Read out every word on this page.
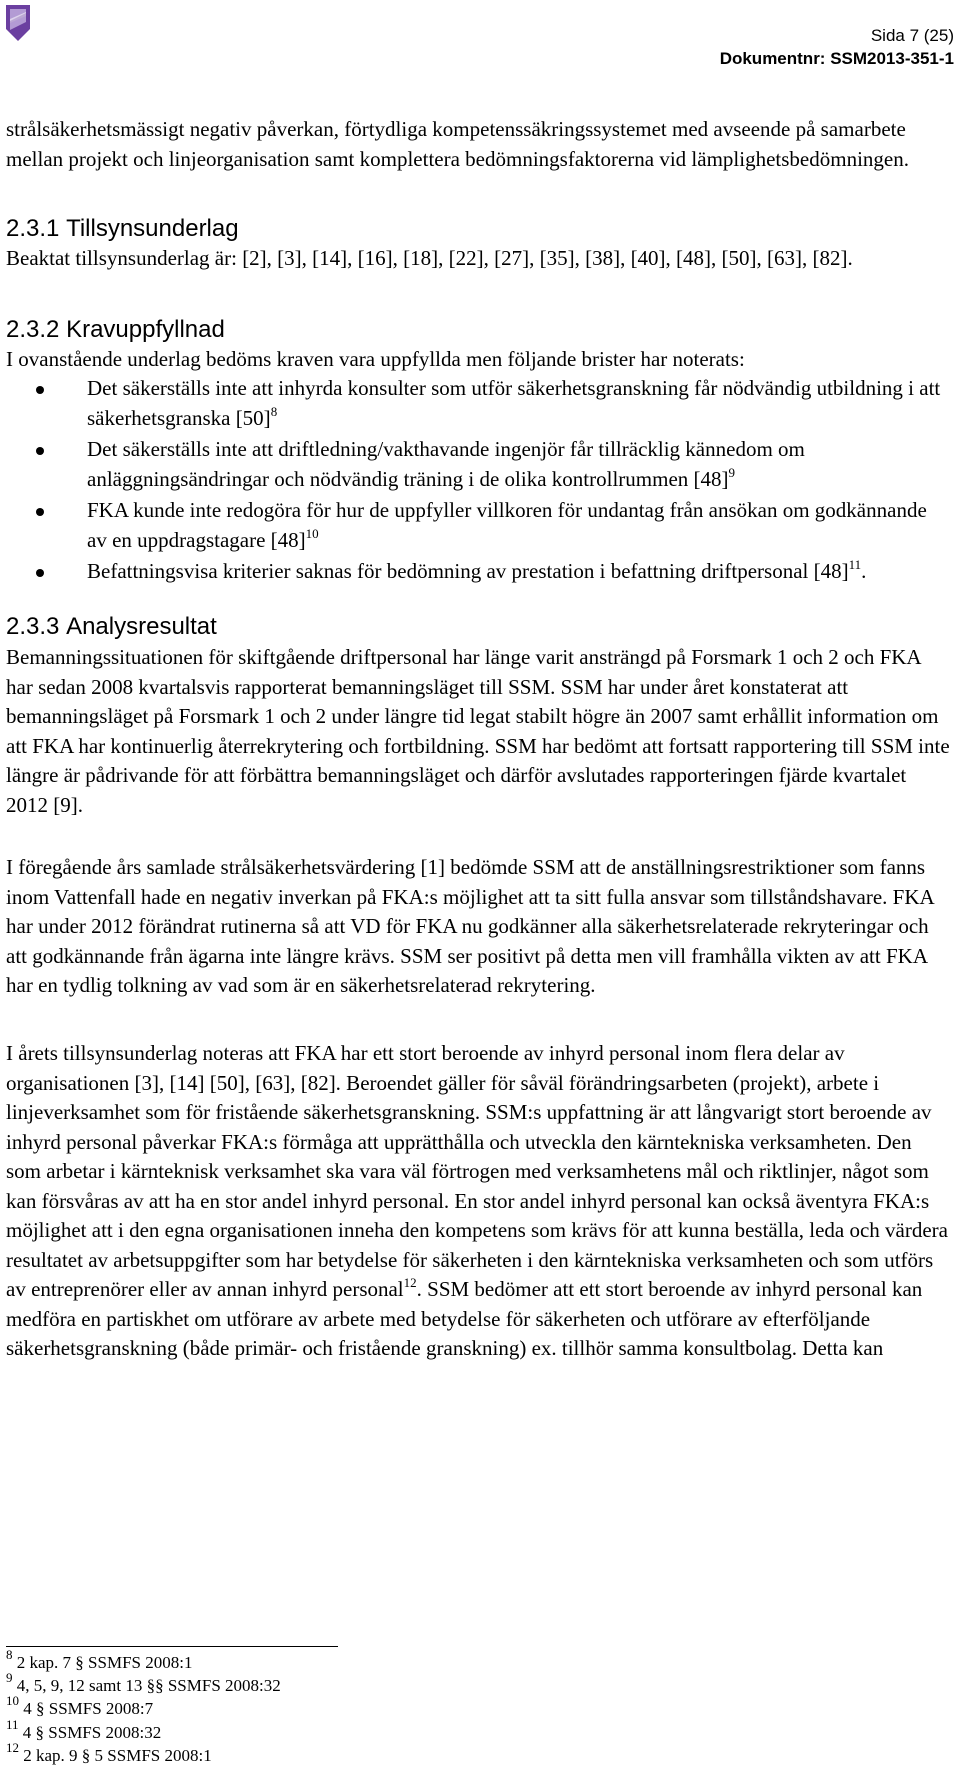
Sida 7 (25)
Dokumentnr: SSM2013-351-1

strålsäkerhetsmässigt negativ påverkan, förtydliga kompetenssäkringssystemet med avseende på samarbete mellan projekt och linjeorganisation samt komplettera bedömningsfaktorerna vid lämplighetsbedömningen.

2.3.1 Tillsynsunderlag

Beaktat tillsynsunderlag är: [2], [3], [14], [16], [18], [22], [27], [35], [38], [40], [48], [50], [63], [82].

2.3.2 Kravuppfyllnad

I ovanstående underlag bedöms kraven vara uppfyllda men följande brister har noterats:

Det säkerställs inte att inhyrda konsulter som utför säkerhetsgranskning får nödvändig utbildning i att säkerhetsgranska $[50]^8$
Det säkerställs inte att driftledning/vakthavande ingenjör får tillräcklig kännedom om anläggningsändringar och nödvändig träning i de olika kontrollrummen $[48]^9$
FKA kunde inte redogöra för hur de uppfyller villkoren för undantag från ansökan om godkännande av en uppdragstagare $[48]^{10}$
Befattningsvisa kriterier saknas för bedömning av prestation i befattning driftpersonal $[48]^{11}$.
2.3.3 Analysresultat

Bemanningssituationen för skiftgående driftpersonal har länge varit ansträngd på Forsmark 1 och 2 och FKA har sedan 2008 kvartalsvis rapporterat bemanningsläget till SSM. SSM har under året konstaterat att bemanningsläget på Forsmark 1 och 2 under längre tid legat stabilt högre än 2007 samt erhållit information om att FKA har kontinuerlig återrekrytering och fortbildning. SSM har bedömt att fortsatt rapportering till SSM inte längre är pådrivande för att förbättra bemanningsläget och därför avslutades rapporteringen fjärde kvartalet 2012 [9].

I föregående års samlade strålsäkerhetsvärdering [1] bedömde SSM att de anställningsrestriktioner som fanns inom Vattenfall hade en negativ inverkan på FKA:s möjlighet att ta sitt fulla ansvar som tillståndshavare. FKA har under 2012 förändrat rutinerna så att VD för FKA nu godkänner alla säkerhetsrelaterade rekryteringar och att godkännande från ägarna inte längre krävs. SSM ser positivt på detta men vill framhålla vikten av att FKA har en tydlig tolkning av vad som är en säkerhetsrelaterad rekrytering.

I årets tillsynsunderlag noteras att FKA har ett stort beroende av inhyrd personal inom flera delar av organisationen [3], [14] [50], [63], [82]. Beroendet gäller för såväl förändringsarbeten (projekt), arbete i linjeverksamhet som för fristående säkerhetsgranskning. SSM:s uppfattning är att långvarigt stort beroende av inhyrd personal påverkar FKA:s förmåga att upprätthålla och utveckla den kärntekniska verksamheten. Den som arbetar i kärnteknisk verksamhet ska vara väl förtrogen med verksamhetens mål och riktlinjer, något som kan försvåras av att ha en stor andel inhyrd personal. En stor andel inhyrd personal kan också äventyra FKA:s möjlighet att i den egna organisationen inneha den kompetens som krävs för att kunna beställa, leda och värdera resultatet av arbetsuppgifter som har betydelse för säkerheten i den kärntekniska verksamheten och som utförs av entreprenörer eller av annan inhyrd personal$^{12}$. SSM bedömer att ett stort beroende av inhyrd personal kan medföra en partiskhet om utförare av arbete med betydelse för säkerheten och utförare av efterföljande säkerhetsgranskning (både primär- och fristående granskning) ex. tillhör samma konsultbolag. Detta kan

$^8$ 2 kap. 7 § SSMFS 2008:1
$^9$ 4, 5, 9, 12 samt 13 §§ SSMFS 2008:32
$^{10}$ 4 § SSMFS 2008:7
$^{11}$ 4 § SSMFS 2008:32
$^{12}$ 2 kap. 9 § 5 SSMFS 2008:1
